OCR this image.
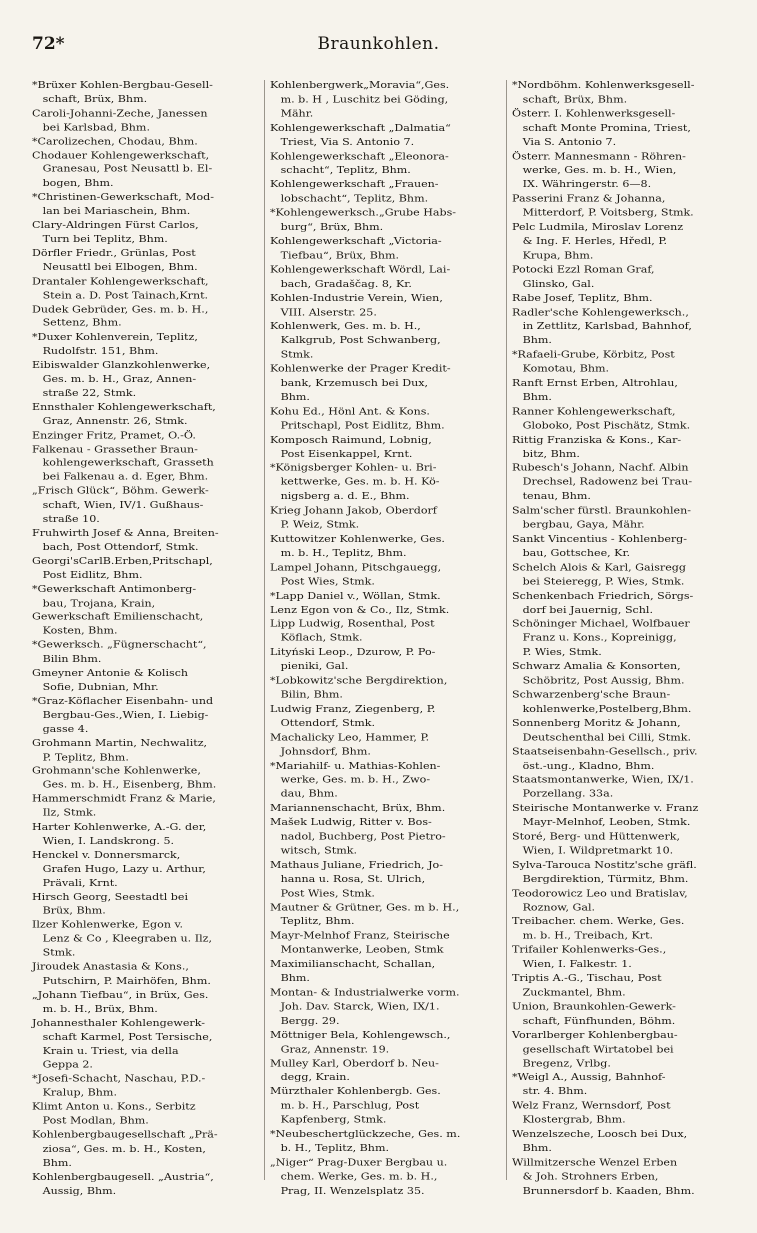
72*	Braunkohlen.
*Brüxer Kohlen-Bergbau-Gesell-
schaft, Brüx, Bhm.
Caroli-Johanni-Zeche, Janessen
bei Karlsbad, Bhm.
*Carolizechen, Chodau, Bhm.
Chodauer Kohlengewerkschaft,
Granesau, Post Neusattl b. El-
bogen, Bhm.
*Christinen-Gewerkschaft, Mod-
lan bei Mariaschein, Bhm.
Clary-Aldringen Fürst Carlos,
Turn bei Teplitz, Bhm.
Dörfler Friedr., Grünlas, Post
Neusattl bei Elbogen, Bhm.
Drantaler Kohlengewerkschaft,
Stein a. D. Post Tainach,Krnt.
Dudek Gebrüder, Ges. m. b. H.,
Settenz, Bhm.
*Duxer Kohlenverein, Teplitz,
Rudolfstr. 151, Bhm.
Eibiswalder Glanzkohlenwerke,
Ges. m. b. H., Graz, Annen-
straße 22, Stmk.
Ennsthaler Kohlengewerkschaft,
Graz, Annenstr. 26, Stmk.
Enzinger Fritz, Pramet, O.-Ö.
Falkenau - Grassether Braun-
kohlengewerkschaft, Grasseth
bei Falkenau a. d. Eger, Bhm.
„Frisch Glück“, Böhm. Gewerk-
schaft, Wien, IV/1. Gußhaus-
straße 10.
Fruhwirth Josef & Anna, Breiten-
bach, Post Ottendorf, Stmk.
Georgi'sCarlB.Erben,Pritschapl,
Post Eidlitz, Bhm.
*Gewerkschaft Antimonberg-
bau, Trojana, Krain,
Gewerkschaft Emilienschacht,
Kosten, Bhm.
*Gewerksch. „Fügnerschacht“,
Bilin Bhm.
Gmeyner Antonie & Kolisch
Sofie, Dubnian, Mhr.
*Graz-Köflacher Eisenbahn- und
Bergbau-Ges.,Wien, I. Liebig-
gasse 4.
Grohmann Martin, Nechwalitz,
P. Teplitz, Bhm.
Grohmann'sche Kohlenwerke,
Ges. m. b. H., Eisenberg, Bhm.
Hammerschmidt Franz & Marie,
Ilz, Stmk.
Harter Kohlenwerke, A.-G. der,
Wien, I. Landskrong. 5.
Henckel v. Donnersmarck,
Grafen Hugo, Lazy u. Arthur,
Prävali, Krnt.
Hirsch Georg, Seestadtl bei
Brüx, Bhm.
Ilzer Kohlenwerke, Egon v.
Lenz & Co , Kleegraben u. Ilz,
Stmk.
Jiroudek Anastasia & Kons.,
Putschirn, P. Mairhöfen, Bhm.
„Johann Tiefbau“, in Brüx, Ges.
m. b. H., Brüx, Bhm.
Johannesthaler Kohlengewerk-
schaft Karmel, Post Tersische,
Krain u. Triest, via della
Geppa 2.
*Josefi-Schacht, Naschau, P.D.-
Kralup, Bhm.
Klimt Anton u. Kons., Serbitz
Post Modlan, Bhm.
Kohlenbergbaugesellschaft „Prä-
ziosa“, Ges. m. b. H., Kosten,
Bhm.
Kohlenbergbaugesell. „Austria“,
Aussig, Bhm.
Kohlenbergwerk„Moravia“,Ges.
m. b. H , Luschitz bei Göding,
Mähr.
Kohlengewerkschaft „Dalmatia“
Triest, Via S. Antonio 7.
Kohlengewerkschaft „Eleonora-
schacht“, Teplitz, Bhm.
Kohlengewerkschaft „Frauen-
lobschacht“, Teplitz, Bhm.
*Kohlengewerksch.„Grube Habs-
burg“, Brüx, Bhm.
Kohlengewerkschaft „Victoria-
Tiefbau“, Brüx, Bhm.
Kohlengewerkschaft Wördl, Lai-
bach, Gradaščag. 8, Kr.
Kohlen-Industrie Verein, Wien,
VIII. Alserstr. 25.
Kohlenwerk, Ges. m. b. H.,
Kalkgrub, Post Schwanberg,
Stmk.
Kohlenwerke der Prager Kredit-
bank, Krzemusch bei Dux,
Bhm.
Kohu Ed., Hönl Ant. & Kons.
Pritschapl, Post Eidlitz, Bhm.
Komposch Raimund, Lobnig,
Post Eisenkappel, Krnt.
*Königsberger Kohlen- u. Bri-
kettwerke, Ges. m. b. H. Kö-
nigsberg a. d. E., Bhm.
Krieg Johann Jakob, Oberdorf
P. Weiz, Stmk.
Kuttowitzer Kohlenwerke, Ges.
m. b. H., Teplitz, Bhm.
Lampel Johann, Pitschgauegg,
Post Wies, Stmk.
*Lapp Daniel v., Wöllan, Stmk.
Lenz Egon von & Co., Ilz, Stmk.
Lipp Ludwig, Rosenthal, Post
Köflach, Stmk.
Lityński Leop., Dzurow, P. Po-
pieniki, Gal.
*Lobkowitz'sche Bergdirektion,
Bilin, Bhm.
Ludwig Franz, Ziegenberg, P.
Ottendorf, Stmk.
Machalicky Leo, Hammer, P.
Johnsdorf, Bhm.
*Mariahilf- u. Mathias-Kohlen-
werke, Ges. m. b. H., Zwo-
dau, Bhm.
Mariannenschacht, Brüx, Bhm.
Mašek Ludwig, Ritter v. Bos-
nadol, Buchberg, Post Pietro-
witsch, Stmk.
Mathaus Juliane, Friedrich, Jo-
hanna u. Rosa, St. Ulrich,
Post Wies, Stmk.
Mautner & Grütner, Ges. m b. H.,
Teplitz, Bhm.
Mayr-Melnhof Franz, Steirische
Montanwerke, Leoben, Stmk
Maximilianschacht, Schallan,
Bhm.
Montan- & Industrialwerke vorm.
Joh. Dav. Starck, Wien, IX/1.
Bergg. 29.
Möttniger Bela, Kohlengewsch.,
Graz, Annenstr. 19.
Mulley Karl, Oberdorf b. Neu-
degg, Krain.
Mürzthaler Kohlenbergb. Ges.
m. b. H., Parschlug, Post
Kapfenberg, Stmk.
*Neubeschertglückzeche, Ges. m.
b. H., Teplitz, Bhm.
„Niger“ Prag-Duxer Bergbau u.
chem. Werke, Ges. m. b. H.,
Prag, II. Wenzelsplatz 35.
*Nordböhm. Kohlenwerksgesell-
schaft, Brüx, Bhm.
Österr. I. Kohlenwerksgesell-
schaft Monte Promina, Triest,
Via S. Antonio 7.
Österr. Mannesmann - Röhren-
werke, Ges. m. b. H., Wien,
IX. Währingerstr. 6—8.
Passerini Franz & Johanna,
Mitterdorf, P. Voitsberg, Stmk.
Pelc Ludmila, Miroslav Lorenz
& Ing. F. Herles, Hředl, P.
Krupa, Bhm.
Potocki Ezzl Roman Graf,
Glinsko, Gal.
Rabe Josef, Teplitz, Bhm.
Radler'sche Kohlengewerksch.,
in Zettlitz, Karlsbad, Bahnhof,
Bhm.
*Rafaeli-Grube, Körbitz, Post
Komotau, Bhm.
Ranft Ernst Erben, Altrohlau,
Bhm.
Ranner Kohlengewerkschaft,
Globoko, Post Pischätz, Stmk.
Rittig Franziska & Kons., Kar-
bitz, Bhm.
Rubesch's Johann, Nachf. Albin
Drechsel, Radowenz bei Trau-
tenau, Bhm.
Salm'scher fürstl. Braunkohlen-
bergbau, Gaya, Mähr.
Sankt Vincentius - Kohlenberg-
bau, Gottschee, Kr.
Schelch Alois & Karl, Gaisregg
bei Steieregg, P. Wies, Stmk.
Schenkenbach Friedrich, Sörgs-
dorf bei Jauernig, Schl.
Schöninger Michael, Wolfbauer
Franz u. Kons., Kopreinigg,
P. Wies, Stmk.
Schwarz Amalia & Konsorten,
Schöbritz, Post Aussig, Bhm.
Schwarzenberg'sche Braun-
kohlenwerke,Postelberg,Bhm.
Sonnenberg Moritz & Johann,
Deutschenthal bei Cilli, Stmk.
Staatseisenbahn-Gesellsch., priv.
öst.-ung., Kladno, Bhm.
Staatsmontanwerke, Wien, IX/1.
Porzellang. 33a.
Steirische Montanwerke v. Franz
Mayr-Melnhof, Leoben, Stmk.
Storé, Berg- und Hüttenwerk,
Wien, I. Wildpretmarkt 10.
Sylva-Tarouca Nostitz'sche gräfl.
Bergdirektion, Türmitz, Bhm.
Teodorowicz Leo und Bratislav,
Roznow, Gal.
Treibacher. chem. Werke, Ges.
m. b. H., Treibach, Krt.
Trifailer Kohlenwerks-Ges.,
Wien, I. Falkestr. 1.
Triptis A.-G., Tischau, Post
Zuckmantel, Bhm.
Union, Braunkohlen-Gewerk-
schaft, Fünfhunden, Böhm.
Vorarlberger Kohlenbergbau-
gesellschaft Wirtatobel bei
Bregenz, Vrlbg.
*Weigl A., Aussig, Bahnhof-
str. 4. Bhm.
Welz Franz, Wernsdorf, Post
Klostergrab, Bhm.
Wenzelszeche, Loosch bei Dux,
Bhm.
Willmitzersche Wenzel Erben
& Joh. Strohners Erben,
Brunnersdorf b. Kaaden, Bhm.
